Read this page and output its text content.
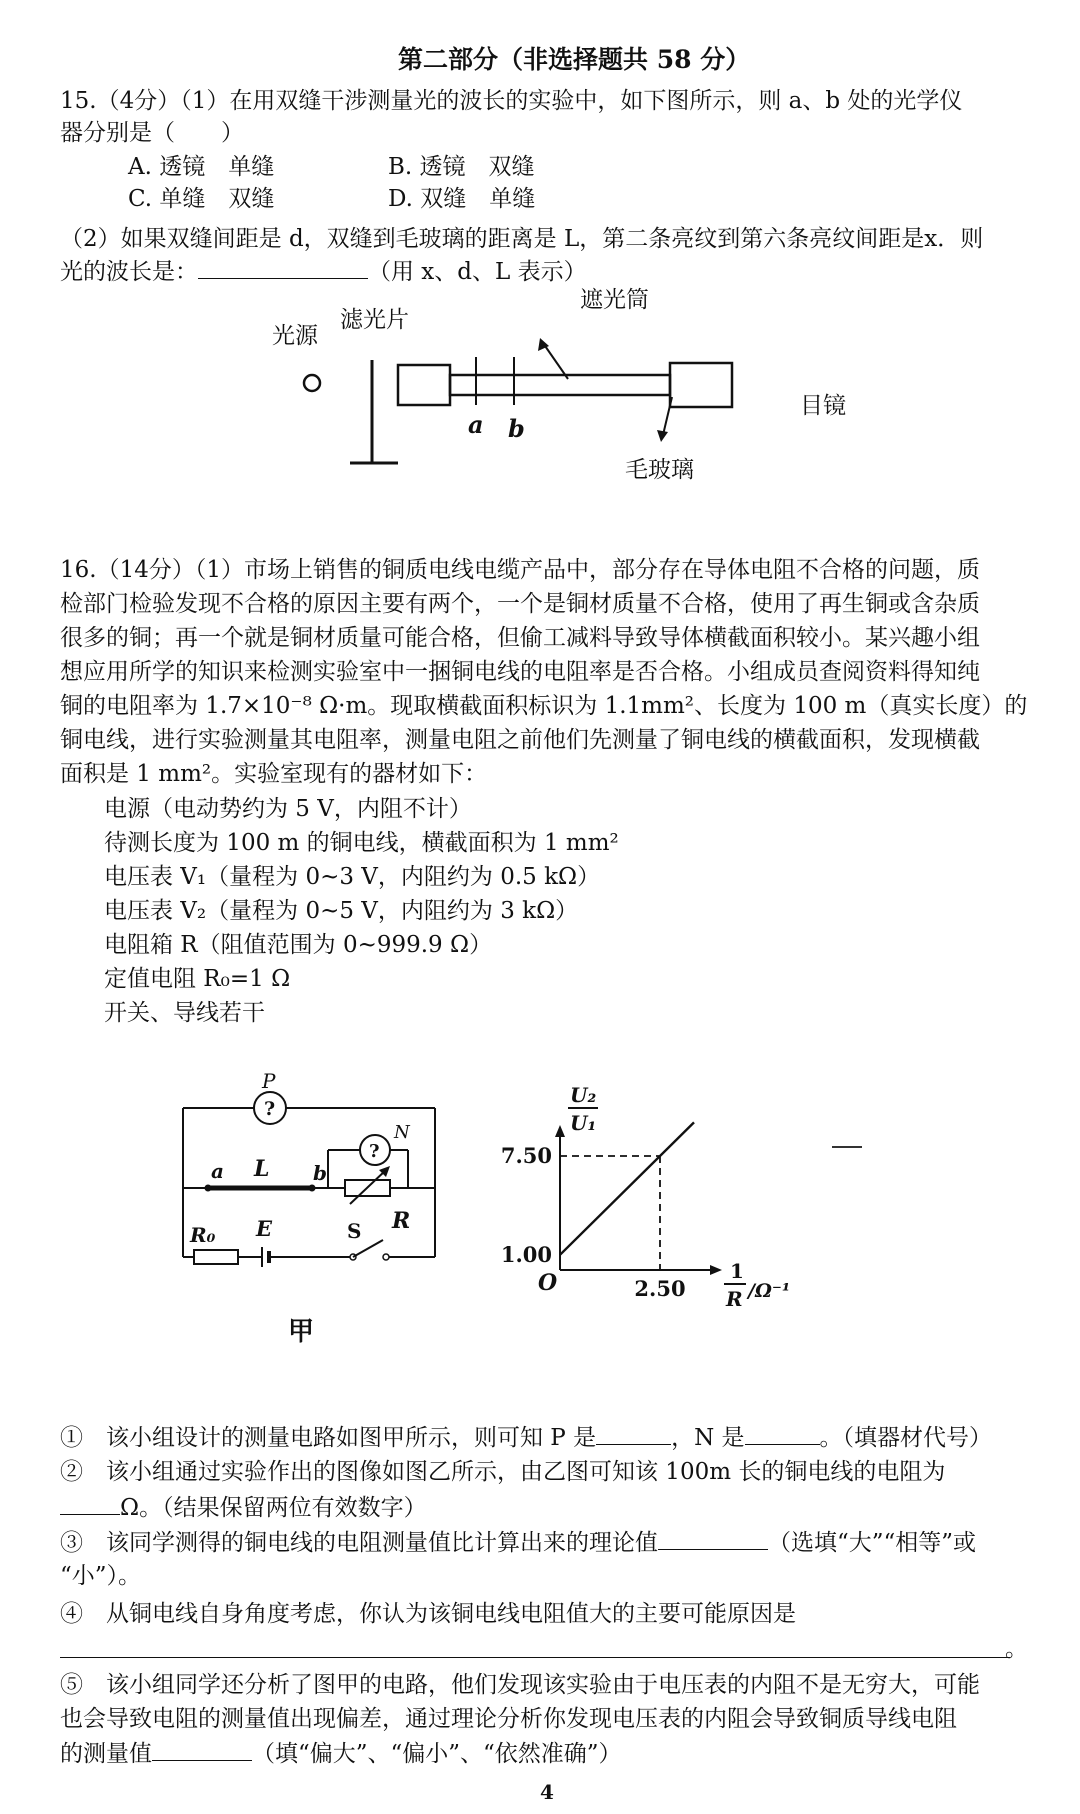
第二部分（非选择题共 58 分）
15.（4分）（1）在用双缝干涉测量光的波长的实验中，如下图所示，则 a、b 处的光学仪
器分别是（　　）
A. 透镜　单缝	B. 透镜　双缝
C. 单缝　双缝	D. 双缝　单缝
（2）如果双缝间距是 d，双缝到毛玻璃的距离是 L，第二条亮纹到第六条亮纹间距是x．则
光的波长是：	（用 x、d、L 表示）
光源
滤光片
遮光筒
目镜
毛玻璃
a b
16.（14分）（1）市场上销售的铜质电线电缆产品中，部分存在导体电阻不合格的问题，质
检部门检验发现不合格的原因主要有两个，一个是铜材质量不合格，使用了再生铜或含杂质
很多的铜；再一个就是铜材质量可能合格，但偷工减料导致导体横截面积较小。某兴趣小组
想应用所学的知识来检测实验室中一捆铜电线的电阻率是否合格。小组成员查阅资料得知纯
铜的电阻率为 1.7×10⁻⁸ Ω·m。现取横截面积标识为 1.1mm²、长度为 100 m（真实长度）的
铜电线，进行实验测量其电阻率，测量电阻之前他们先测量了铜电线的横截面积，发现横截
面积是 1 mm²。实验室现有的器材如下：
电源（电动势约为 5 V，内阻不计）
待测长度为 100 m 的铜电线，横截面积为 1 mm²
电压表 V₁（量程为 0~3 V，内阻约为 0.5 kΩ）
电压表 V₂（量程为 0~5 V，内阻约为 3 kΩ）
电阻箱 R（阻值范围为 0~999.9 Ω）
定值电阻 R₀=1 Ω
开关、导线若干
?
P
a L b
R
?
N
R₀ E	S
甲
U₂
U₁
O
7.50
1.00
2.50
1
R /Ω⁻¹
①　该小组设计的测量电路如图甲所示，则可知 P 是	，N 是	。（填器材代号）
②　该小组通过实验作出的图像如图乙所示，由乙图可知该 100m 长的铜电线的电阻为
Ω。（结果保留两位有效数字）
③　该同学测得的铜电线的电阻测量值比计算出来的理论值	（选填“大”“相等”或
“小”）。
④　从铜电线自身角度考虑，你认为该铜电线电阻值大的主要可能原因是
。
⑤　该小组同学还分析了图甲的电路，他们发现该实验由于电压表的内阻不是无穷大，可能
也会导致电阻的测量值出现偏差，通过理论分析你发现电压表的内阻会导致铜质导线电阻
的测量值	（填“偏大”、“偏小”、“依然准确”）
4
